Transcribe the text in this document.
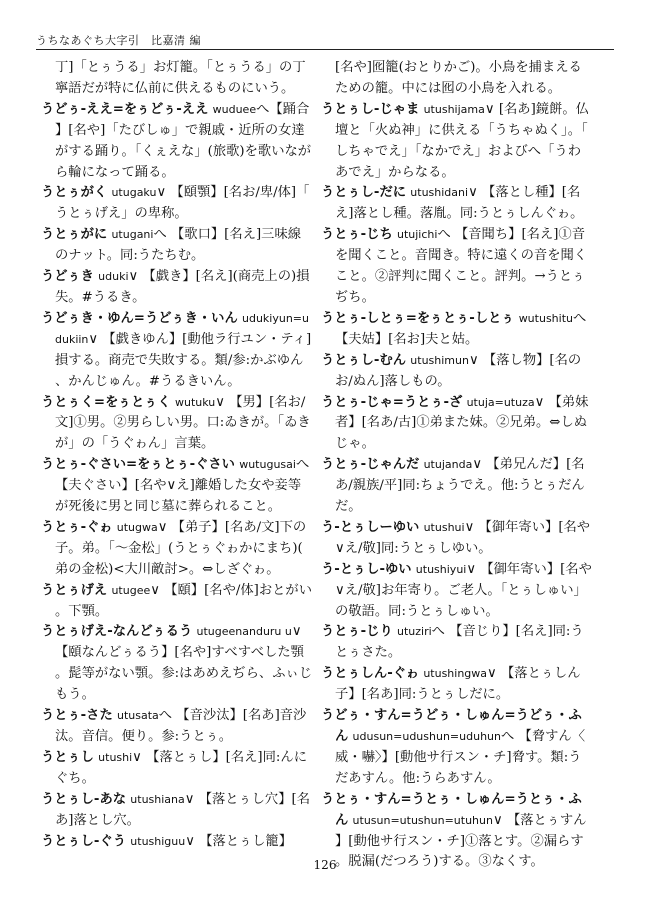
うちなあぐち大字引　比嘉清 編
丁]「とぅうる」お灯籠。「とぅうる」の丁寧語だが特に仏前に供えるものにいう。
うどぅ-ええ=をぅどぅ-ええ wudueeへ【踊合】[名や]「たびしゅ」で親戚・近所の女達がする踊り。「くぇえな」(旅歌)を歌いながら輪になって踊る。
うとぅがく utugaku∨ 【頤顎】[名お/卑/体]「うとぅげえ」の卑称。
うとぅがに utuganiへ 【歌口】[名え]三味線のナット。同:うたちむ。
うどぅき uduki∨ 【戯き】[名え](商売上の)損失。#うるき。
うどぅき・ゆん=うどぅき・いん udukiyun=udukiin∨ 【戯きゆん】[動他ラ行ユン・ティ]損する。商売で失敗する。類/参:かぶゆん、かんじゅん。#うるきいん。
うとぅく=をぅとぅく wutuku∨ 【男】[名お/文]①男。②男らしい男。口:ゐきが。「ゐきが」の「うぐゎん」言葉。
うとぅ-ぐさい=をぅとぅ-ぐさい wutugusaiへ 【夫ぐさい】[名や∨え]離婚した女や妾等が死後に男と同じ墓に葬られること。
うとぅ-ぐゎ utugwa∨ 【弟子】[名あ/文]下の子。弟。「〜金松」(うとぅぐゎかにまち)(弟の金松)<大川敵討>。⇔しざぐゎ。
うとぅげえ utugee∨ 【頤】[名や/体]おとがい。下顎。
うとぅげえ-なんどぅるう utugeenanduru u∨ 【頤なんどぅるう】[名や]すべすべした顎。髭等がない顎。参:はあめえぢら、ふぃじもう。
うとぅ-さた utusataへ 【音沙汰】[名あ]音沙汰。音信。便り。参:うとぅ。
うとぅし utushi∨ 【落とぅし】[名え]同:んにぐち。
うとぅし-あな utushiana∨ 【落とぅし穴】[名あ]落とし穴。
うとぅし-ぐう utushiguu∨ 【落とぅし籠】
[名や]囮籠(おとりかご)。小鳥を捕まえるための籠。中には囮の小鳥を入れる。
うとぅし-じゃま utushijama∨ [名あ]鏡餅。仏壇と「火ぬ神」に供える「うちゃぬく」。「しちゃでえ」「なかでえ」およびへ「うわあでえ」からなる。
うとぅし-だに utushidani∨ 【落とし種】[名え]落とし種。落胤。同:うとぅしんぐゎ。
うとぅ-じち utujichiへ 【音聞ち】[名え]①音を聞くこと。音聞き。特に遠くの音を聞くこと。②評判に聞くこと。評判。→うとぅぢち。
うとぅ-しとぅ=をぅとぅ-しとぅ wutushituへ 【夫姑】[名お]夫と姑。
うとぅし-むん utushimun∨ 【落し物】[名のお/ぬん]落しもの。
うとぅ-じゃ=うとぅ-ざ utuja=utuza∨ 【弟妹者】[名あ/古]①弟また妹。②兄弟。⇔しぬじゃ。
うとぅ-じゃんだ utujanda∨ 【弟兄んだ】[名あ/親族/平]同:ちょうでえ。他:うとぅだんだ。
う-とぅしーゆい utushui∨ 【御年寄い】[名や∨え/敬]同:うとぅしゆい。
う-とぅし-ゆい utushiyui∨ 【御年寄い】[名や∨え/敬]お年寄り。ご老人。「とぅしゅい」の敬語。同:うとぅしゅい。
うとぅ-じり utuziriへ 【音じり】[名え]同:うとぅさた。
うとぅしん-ぐゎ utushingwa∨ 【落とぅしん子】[名あ]同:うとぅしだに。
うどぅ・すん=うどぅ・しゅん=うどぅ・ふん udusun=udushun=uduhunへ 【脅すん〈威・嚇〉】[動他サ行スン・チ]脅す。類:うだあすん。他:うらあすん。
うとぅ・すん=うとぅ・しゅん=うとぅ・ふん utusun=utushun=utuhun∨ 【落とぅすん】[動他サ行スン・チ]①落とす。②漏らす。脱漏(だつろう)する。③なくす。
126
